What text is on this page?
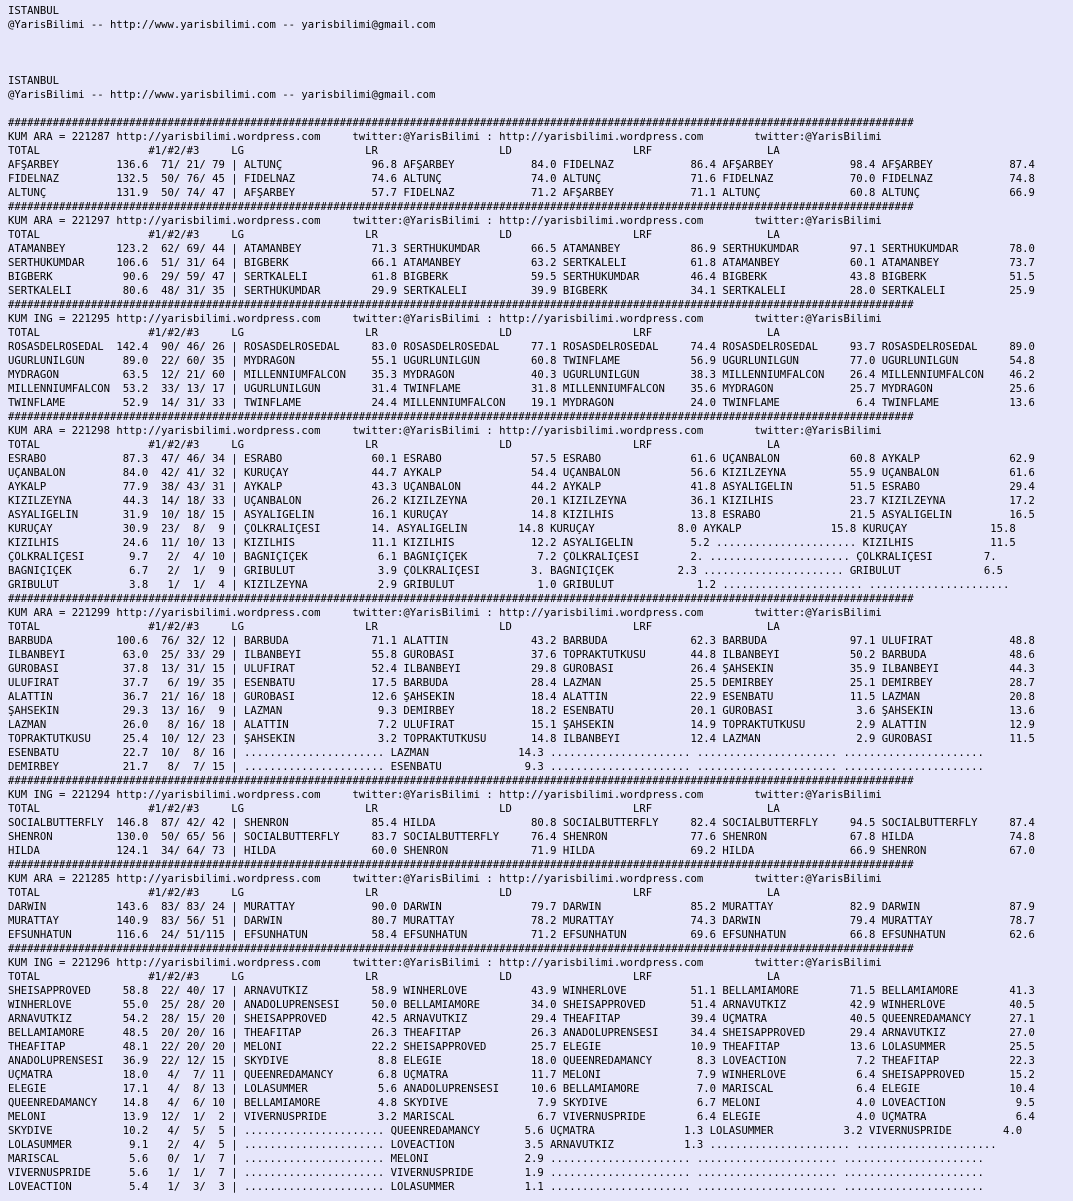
ISTANBUL
@YarisBilimi -- http://www.yarisbilimi.com -- yarisbilimi@gmail.com

ISTANBUL
@YarisBilimi -- http://www.yarisbilimi.com -- yarisbilimi@gmail.com

##############################################################################################################################################
KUM ARA = 221287 http://yarisbilimi.wordpress.com     twitter:@YarisBilimi : http://yarisbilimi.wordpress.com        twitter:@YarisBilimi
TOTAL                 #1/#2/#3     LG                   LR                   LD                   LRF                  LA
AFŞARBEY         136.6  71/ 21/ 79 | ALTUNÇ              96.8 AFŞARBEY            84.0 FİDELNAZ            86.4 AFŞARBEY            98.4 AFŞARBEY            87.4
FİDELNAZ         132.5  50/ 76/ 45 | FİDELNAZ            74.6 ALTUNÇ              74.0 ALTUNÇ              71.6 FİDELNAZ            70.0 FİDELNAZ            74.8
ALTUNÇ           131.9  50/ 74/ 47 | AFŞARBEY            57.7 FİDELNAZ            71.2 AFŞARBEY            71.1 ALTUNÇ              60.8 ALTUNÇ              66.9
##############################################################################################################################################
KUM ARA = 221297 http://yarisbilimi.wordpress.com     twitter:@YarisBilimi : http://yarisbilimi.wordpress.com        twitter:@YarisBilimi
TOTAL                 #1/#2/#3     LG                   LR                   LD                   LRF                  LA
ATAMANBEY        123.2  62/ 69/ 44 | ATAMANBEY           71.3 SERTHÜKÜMDAR        66.5 ATAMANBEY           86.9 SERTHÜKÜMDAR        97.1 SERTHÜKÜMDAR        78.0
SERTHÜKÜMDAR     106.6  51/ 31/ 64 | BİGBERK             66.1 ATAMANBEY           63.2 SERTKALELİ          61.8 ATAMANBEY           60.1 ATAMANBEY           73.7
BİGBERK           90.6  29/ 59/ 47 | SERTKALELİ          61.8 BİGBERK             59.5 SERTHÜKÜMDAR        46.4 BİGBERK             43.8 BİGBERK             51.5
SERTKALELİ        80.6  48/ 31/ 35 | SERTHÜKÜMDAR        29.9 SERTKALELİ          39.9 BİGBERK             34.1 SERTKALELİ          28.0 SERTKALELİ          25.9
##############################################################################################################################################
KUM ING = 221295 http://yarisbilimi.wordpress.com     twitter:@YarisBilimi : http://yarisbilimi.wordpress.com        twitter:@YarisBilimi
TOTAL                 #1/#2/#3     LG                   LR                   LD                   LRF                  LA
ROSASDELROSEDAL  142.4  90/ 46/ 26 | ROSASDELROSEDAL     83.0 ROSASDELROSEDAL     77.1 ROSASDELROSEDAL     74.4 ROSASDELROSEDAL     93.7 ROSASDELROSEDAL     89.0
UĞURLUNİLGÜN      89.0  22/ 60/ 35 | MYDRAGON            55.1 UĞURLUNİLGÜN        60.8 TWINFLAME           56.9 UĞURLUNİLGÜN        77.0 UĞURLUNİLGÜN        54.8
MYDRAGON          63.5  12/ 21/ 60 | MILLENNIUMFALCON    35.3 MYDRAGON            40.3 UĞURLUNİLGÜN        38.3 MILLENNIUMFALCON    26.4 MILLENNIUMFALCON    46.2
MILLENNIUMFALCON  53.2  33/ 13/ 17 | UĞURLUNİLGÜN        31.4 TWINFLAME           31.8 MILLENNIUMFALCON    35.6 MYDRAGON            25.7 MYDRAGON            25.6
TWINFLAME         52.9  14/ 31/ 33 | TWINFLAME           24.4 MILLENNIUMFALCON    19.1 MYDRAGON            24.0 TWINFLAME            6.4 TWINFLAME           13.6
##############################################################################################################################################
KUM ARA = 221298 http://yarisbilimi.wordpress.com     twitter:@YarisBilimi : http://yarisbilimi.wordpress.com        twitter:@YarisBilimi
TOTAL                 #1/#2/#3     LG                   LR                   LD                   LRF                  LA
ESRABO            87.3  47/ 46/ 34 | ESRABO              60.1 ESRABO              57.5 ESRABO              61.6 UÇANBALON           60.8 AYKALP              62.9
UÇANBALON         84.0  42/ 41/ 32 | KURUÇAY             44.7 AYKALP              54.4 UÇANBALON           56.6 KIZILZEYNA          55.9 UÇANBALON           61.6
AYKALP            77.9  38/ 43/ 31 | AYKALP              43.3 UÇANBALON           44.2 AYKALP              41.8 ASYALIGELİN         51.5 ESRABO              29.4
KIZILZEYNA        44.3  14/ 18/ 33 | UÇANBALON           26.2 KIZILZEYNA          20.1 KIZILZEYNA          36.1 KIZILHİS            23.7 KIZILZEYNA          17.2
ASYALIGELİN       31.9  10/ 18/ 15 | ASYALIGELİN         16.1 KURUÇAY             14.8 KIZILHİS            13.8 ESRABO              21.5 ASYALIGELİN         16.5
KURUÇAY           30.9  23/  8/  9 | ÇÖLKRALİÇESİ        14. ASYALIGELİN        14.8 KURUÇAY             8.0 AYKALP              15.8 KURUÇAY             15.8
KIZILHİS          24.6  11/ 10/ 13 | KIZILHİS            11.1 KIZILHİS            12.2 ASYALIGELİN         5.2 ...................... KIZILHİS            11.5
ÇÖLKRALİÇESİ       9.7   2/  4/ 10 | BAĞNIÇIÇEK           6.1 BAĞNIÇIÇEK           7.2 ÇÖLKRALİÇESİ        2. ...................... ÇÖLKRALİÇESİ        7.
BAĞNIÇIÇEK         6.7   2/  1/  9 | GRİBULUT             3.9 ÇÖLKRALİÇESİ        3. BAĞNIÇIÇEK          2.3 ...................... GRİBULUT             6.5
GRİBULUT           3.8   1/  1/  4 | KIZILZEYNA           2.9 GRİBULUT             1.0 GRİBULUT             1.2 ...................... ......................
##############################################################################################################################################
KUM ARA = 221299 http://yarisbilimi.wordpress.com     twitter:@YarisBilimi : http://yarisbilimi.wordpress.com        twitter:@YarisBilimi
TOTAL                 #1/#2/#3     LG                   LR                   LD                   LRF                  LA
BARBUDA          100.6  76/ 32/ 12 | BARBUDA             71.1 ALATTİN             43.2 BARBUDA             62.3 BARBUDA             97.1 ULUFIRAT            48.8
İLBANBEYİ         63.0  25/ 33/ 29 | İLBANBEYİ           55.8 GÜROBASI            37.6 TOPRAKTUTKUSU       44.8 İLBANBEYİ           50.2 BARBUDA             48.6
GÜROBASI          37.8  13/ 31/ 15 | ULUFIRAT            52.4 İLBANBEYİ           29.8 GÜROBASI            26.4 ŞAHSEKİN            35.9 İLBANBEYİ           44.3
ULUFIRAT          37.7   6/ 19/ 35 | ESENBATU            17.5 BARBUDA             28.4 LAZMAN              25.5 DEMİRBEY            25.1 DEMİRBEY            28.7
ALATTİN           36.7  21/ 16/ 18 | GÜROBASI            12.6 ŞAHSEKİN            18.4 ALATTİN             22.9 ESENBATU            11.5 LAZMAN              20.8
ŞAHSEKİN          29.3  13/ 16/  9 | LAZMAN               9.3 DEMİRBEY            18.2 ESENBATU            20.1 GÜROBASI             3.6 ŞAHSEKİN            13.6
LAZMAN            26.0   8/ 16/ 18 | ALATTİN              7.2 ULUFIRAT            15.1 ŞAHSEKİN            14.9 TOPRAKTUTKUSU        2.9 ALATTİN             12.9
TOPRAKTUTKUSU     25.4  10/ 12/ 23 | ŞAHSEKİN             3.2 TOPRAKTUTKUSU       14.8 İLBANBEYİ           12.4 LAZMAN               2.9 GÜROBASI            11.5
ESENBATU          22.7  10/  8/ 16 | ...................... LAZMAN              14.3 ...................... ...................... ......................
DEMİRBEY          21.7   8/  7/ 15 | ...................... ESENBATU             9.3 ...................... ...................... ......................
##############################################################################################################################################
KUM ING = 221294 http://yarisbilimi.wordpress.com     twitter:@YarisBilimi : http://yarisbilimi.wordpress.com        twitter:@YarisBilimi
TOTAL                 #1/#2/#3     LG                   LR                   LD                   LRF                  LA
SOCIALBUTTERFLY  146.8  87/ 42/ 42 | SHENRON             85.4 HILDA               80.8 SOCIALBUTTERFLY     82.4 SOCIALBUTTERFLY     94.5 SOCIALBUTTERFLY     87.4
SHENRON          130.0  50/ 65/ 56 | SOCIALBUTTERFLY     83.7 SOCIALBUTTERFLY     76.4 SHENRON             77.6 SHENRON             67.8 HILDA               74.8
HILDA            124.1  34/ 64/ 73 | HILDA               60.0 SHENRON             71.9 HILDA               69.2 HILDA               66.9 SHENRON             67.0
##############################################################################################################################################
KUM ARA = 221285 http://yarisbilimi.wordpress.com     twitter:@YarisBilimi : http://yarisbilimi.wordpress.com        twitter:@YarisBilimi
TOTAL                 #1/#2/#3     LG                   LR                   LD                   LRF                  LA
DARWIN           143.6  83/ 83/ 24 | MURATTAY            90.0 DARWIN              79.7 DARWIN              85.2 MURATTAY            82.9 DARWIN              87.9
MURATTAY         140.9  83/ 56/ 51 | DARWIN              80.7 MURATTAY            78.2 MURATTAY            74.3 DARWIN              79.4 MURATTAY            78.7
EFSUNHATUN       116.6  24/ 51/115 | EFSUNHATUN          58.4 EFSUNHATUN          71.2 EFSUNHATUN          69.6 EFSUNHATUN          66.8 EFSUNHATUN          62.6
##############################################################################################################################################
KUM ING = 221296 http://yarisbilimi.wordpress.com     twitter:@YarisBilimi : http://yarisbilimi.wordpress.com        twitter:@YarisBilimi
TOTAL                 #1/#2/#3     LG                   LR                   LD                   LRF                  LA
SHEISAPPROVED     58.8  22/ 40/ 17 | ARNAVUTKIZ          58.9 WINHERLOVE          43.9 WINHERLOVE          51.1 BELLAMIAMORE        71.5 BELLAMIAMORE        41.3
WINHERLOVE        55.0  25/ 28/ 20 | ANADOLUPRENSESİ     50.0 BELLAMIAMORE        34.0 SHEISAPPROVED       51.4 ARNAVUTKIZ          42.9 WINHERLOVE          40.5
ARNAVUTKIZ        54.2  28/ 15/ 20 | SHEISAPPROVED       42.5 ARNAVUTKIZ          29.4 THEAFİTAP           39.4 ÜÇMATRA             40.5 QUEENREDAMANCY      27.1
BELLAMIAMORE      48.5  20/ 20/ 16 | THEAFİTAP           26.3 THEAFİTAP           26.3 ANADOLUPRENSESİ     34.4 SHEISAPPROVED       29.4 ARNAVUTKIZ          27.0
THEAFİTAP         48.1  22/ 20/ 20 | MELONI              22.2 SHEISAPPROVED       25.7 ELEGİE              10.9 THEAFİTAP           13.6 LOLASUMMER          25.5
ANADOLUPRENSESİ   36.9  22/ 12/ 15 | SKYDIVE              8.8 ELEGİE              18.0 QUEENREDAMANCY       8.3 LOVEACTION           7.2 THEAFİTAP           22.3
ÜÇMATRA           18.0   4/  7/ 11 | QUEENREDAMANCY       6.8 ÜÇMATRA             11.7 MELONI               7.9 WINHERLOVE           6.4 SHEISAPPROVED       15.2
ELEGİE            17.1   4/  8/ 13 | LOLASUMMER           5.6 ANADOLUPRENSESİ     10.6 BELLAMIAMORE         7.0 MARISCAL             6.4 ELEGİE              10.4
QUEENREDAMANCY    14.8   4/  6/ 10 | BELLAMIAMORE         4.8 SKYDIVE              7.9 SKYDIVE              6.7 MELONI               4.0 LOVEACTION           9.5
MELONI            13.9  12/  1/  2 | VIVERNUSPRIDE        3.2 MARISCAL             6.7 VIVERNUSPRIDE        6.4 ELEGİE               4.0 ÜÇMATRA              6.4
SKYDIVE           10.2   4/  5/  5 | ...................... QUEENREDAMANCY       5.6 ÜÇMATRA              1.3 LOLASUMMER           3.2 VIVERNUSPRIDE        4.0
LOLASUMMER         9.1   2/  4/  5 | ...................... LOVEACTION           3.5 ARNAVUTKIZ           1.3 ...................... ......................
MARISCAL           5.6   0/  1/  7 | ...................... MELONI               2.9 ...................... ...................... ......................
VIVERNUSPRIDE      5.6   1/  1/  7 | ...................... VIVERNUSPRIDE        1.9 ...................... ...................... ......................
LOVEACTION         5.4   1/  3/  3 | ...................... LOLASUMMER           1.1 ...................... ...................... ......................
